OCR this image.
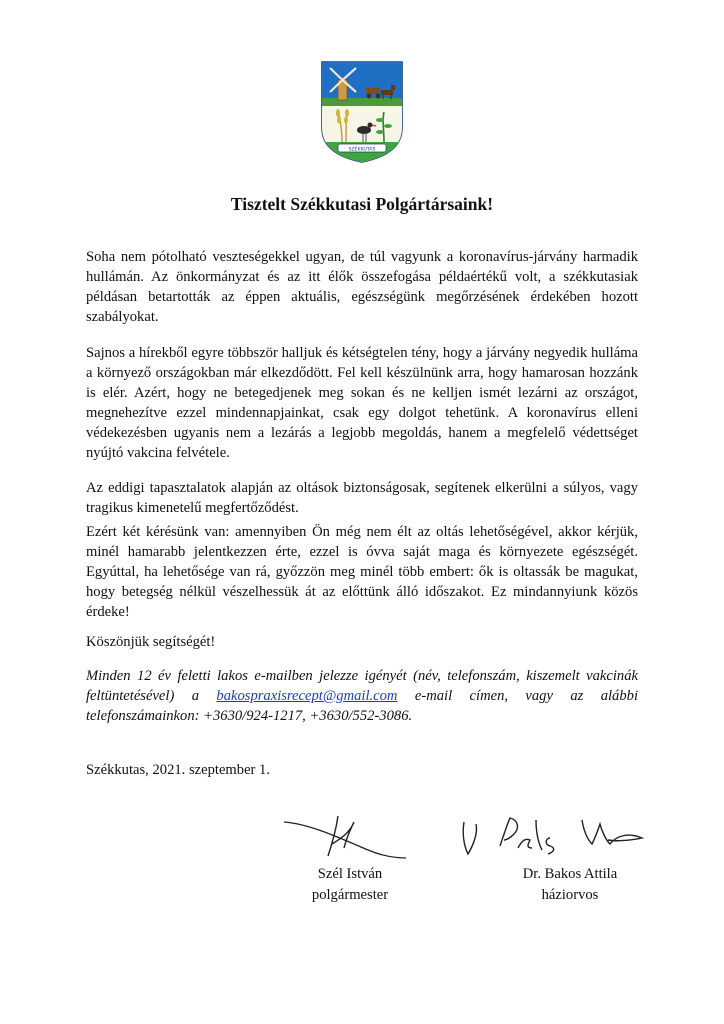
SZÉKKUTAS
Tisztelt Székkutasi Polgártársaink!

Soha nem pótolható veszteségekkel ugyan, de túl vagyunk a koronavírus-járvány harmadik hullámán. Az önkormányzat és az itt élők összefogása példaértékű volt, a székkutasiak példásan betartották az éppen aktuális, egészségünk megőrzésének érdekében hozott szabályokat.

Sajnos a hírekből egyre többször halljuk és kétségtelen tény, hogy a járvány negyedik hulláma a környező országokban már elkezdődött. Fel kell készülnünk arra, hogy hamarosan hozzánk is elér. Azért, hogy ne betegedjenek meg sokan és ne kelljen ismét lezárni az országot, megnehezítve ezzel mindennapjainkat, csak egy dolgot tehetünk. A koronavírus elleni védekezésben ugyanis nem a lezárás a legjobb megoldás, hanem a megfelelő védettséget nyújtó vakcina felvétele.

Az eddigi tapasztalatok alapján az oltások biztonságosak, segítenek elkerülni a súlyos, vagy tragikus kimenetelű megfertőződést.

Ezért két kérésünk van: amennyiben Ön még nem élt az oltás lehetőségével, akkor kérjük, minél hamarabb jelentkezzen érte, ezzel is óvva saját maga és környezete egészségét. Egyúttal, ha lehetősége van rá, győzzön meg minél több embert: ők is oltassák be magukat, hogy betegség nélkül vészelhessük át az előttünk álló időszakot. Ez mindannyiunk közös érdeke!

Köszönjük segítségét!

Minden 12 év feletti lakos e-mailben jelezze igényét (név, telefonszám, kiszemelt vakcinák feltüntetésével) a bakospraxisrecept@gmail.com e-mail címen, vagy az alábbi telefonszámainkon: +3630/924-1217, +3630/552-3086.

Székkutas, 2021. szeptember 1.

Szél István
polgármester
Dr. Bakos Attila
háziorvos
